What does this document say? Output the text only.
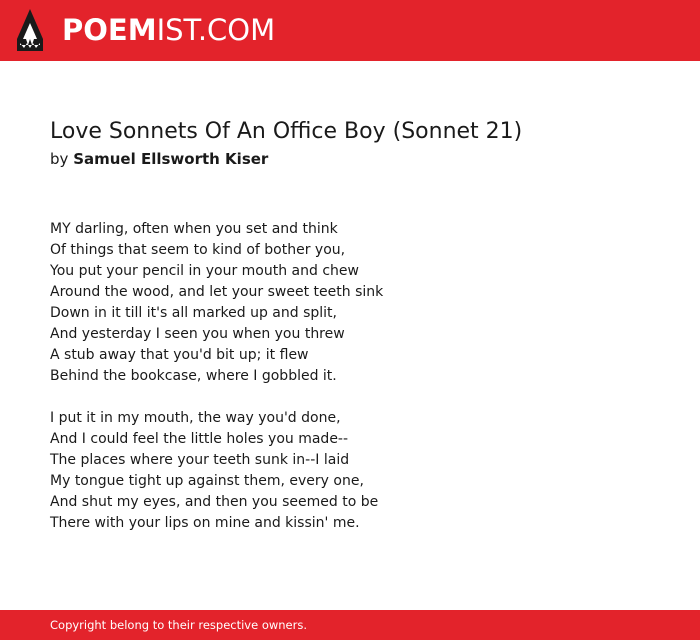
POEMIST.COM
Love Sonnets Of An Office Boy (Sonnet 21)
by Samuel Ellsworth Kiser
MY darling, often when you set and think
Of things that seem to kind of bother you,
You put your pencil in your mouth and chew
Around the wood, and let your sweet teeth sink
Down in it till it's all marked up and split,
And yesterday I seen you when you threw
A stub away that you'd bit up; it flew
Behind the bookcase, where I gobbled it.
I put it in my mouth, the way you'd done,
And I could feel the little holes you made--
The places where your teeth sunk in--I laid
My tongue tight up against them, every one,
And shut my eyes, and then you seemed to be
There with your lips on mine and kissin' me.
Copyright belong to their respective owners.
